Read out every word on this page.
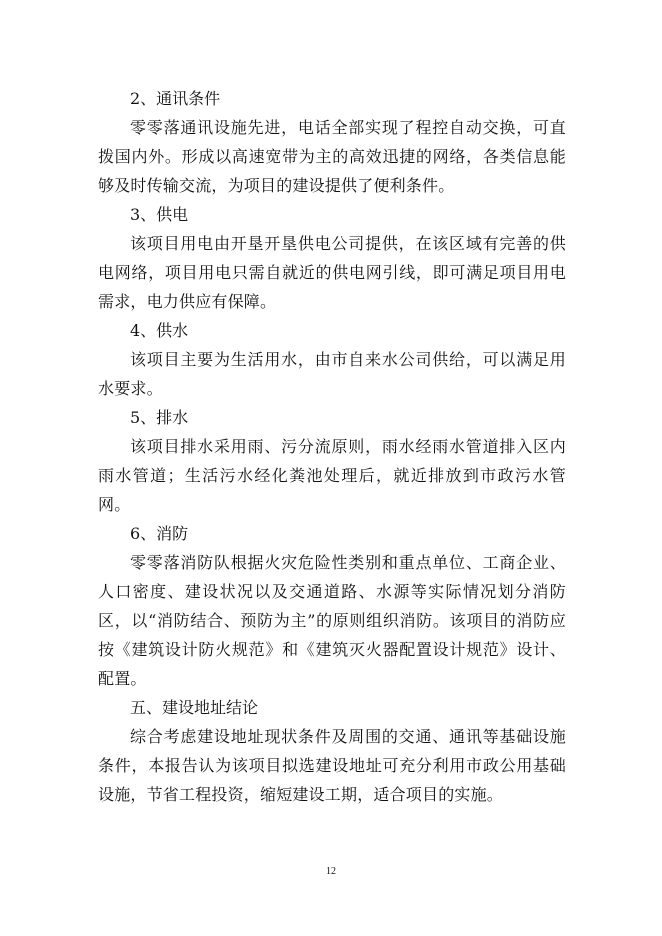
2、通讯条件

零零落通讯设施先进，电话全部实现了程控自动交换，可直拨国内外。形成以高速宽带为主的高效迅捷的网络，各类信息能够及时传输交流，为项目的建设提供了便利条件。

3、供电

该项目用电由开垦开垦供电公司提供，在该区域有完善的供电网络，项目用电只需自就近的供电网引线，即可满足项目用电需求，电力供应有保障。

4、供水

该项目主要为生活用水，由市自来水公司供给，可以满足用水要求。

5、排水

该项目排水采用雨、污分流原则，雨水经雨水管道排入区内雨水管道；生活污水经化粪池处理后，就近排放到市政污水管网。

6、消防

零零落消防队根据火灾危险性类别和重点单位、工商企业、人口密度、建设状况以及交通道路、水源等实际情况划分消防区，以“消防结合、预防为主”的原则组织消防。该项目的消防应按《建筑设计防火规范》和《建筑灭火器配置设计规范》设计、配置。

五、建设地址结论

综合考虑建设地址现状条件及周围的交通、通讯等基础设施条件，本报告认为该项目拟选建设地址可充分利用市政公用基础设施，节省工程投资，缩短建设工期，适合项目的实施。

12
